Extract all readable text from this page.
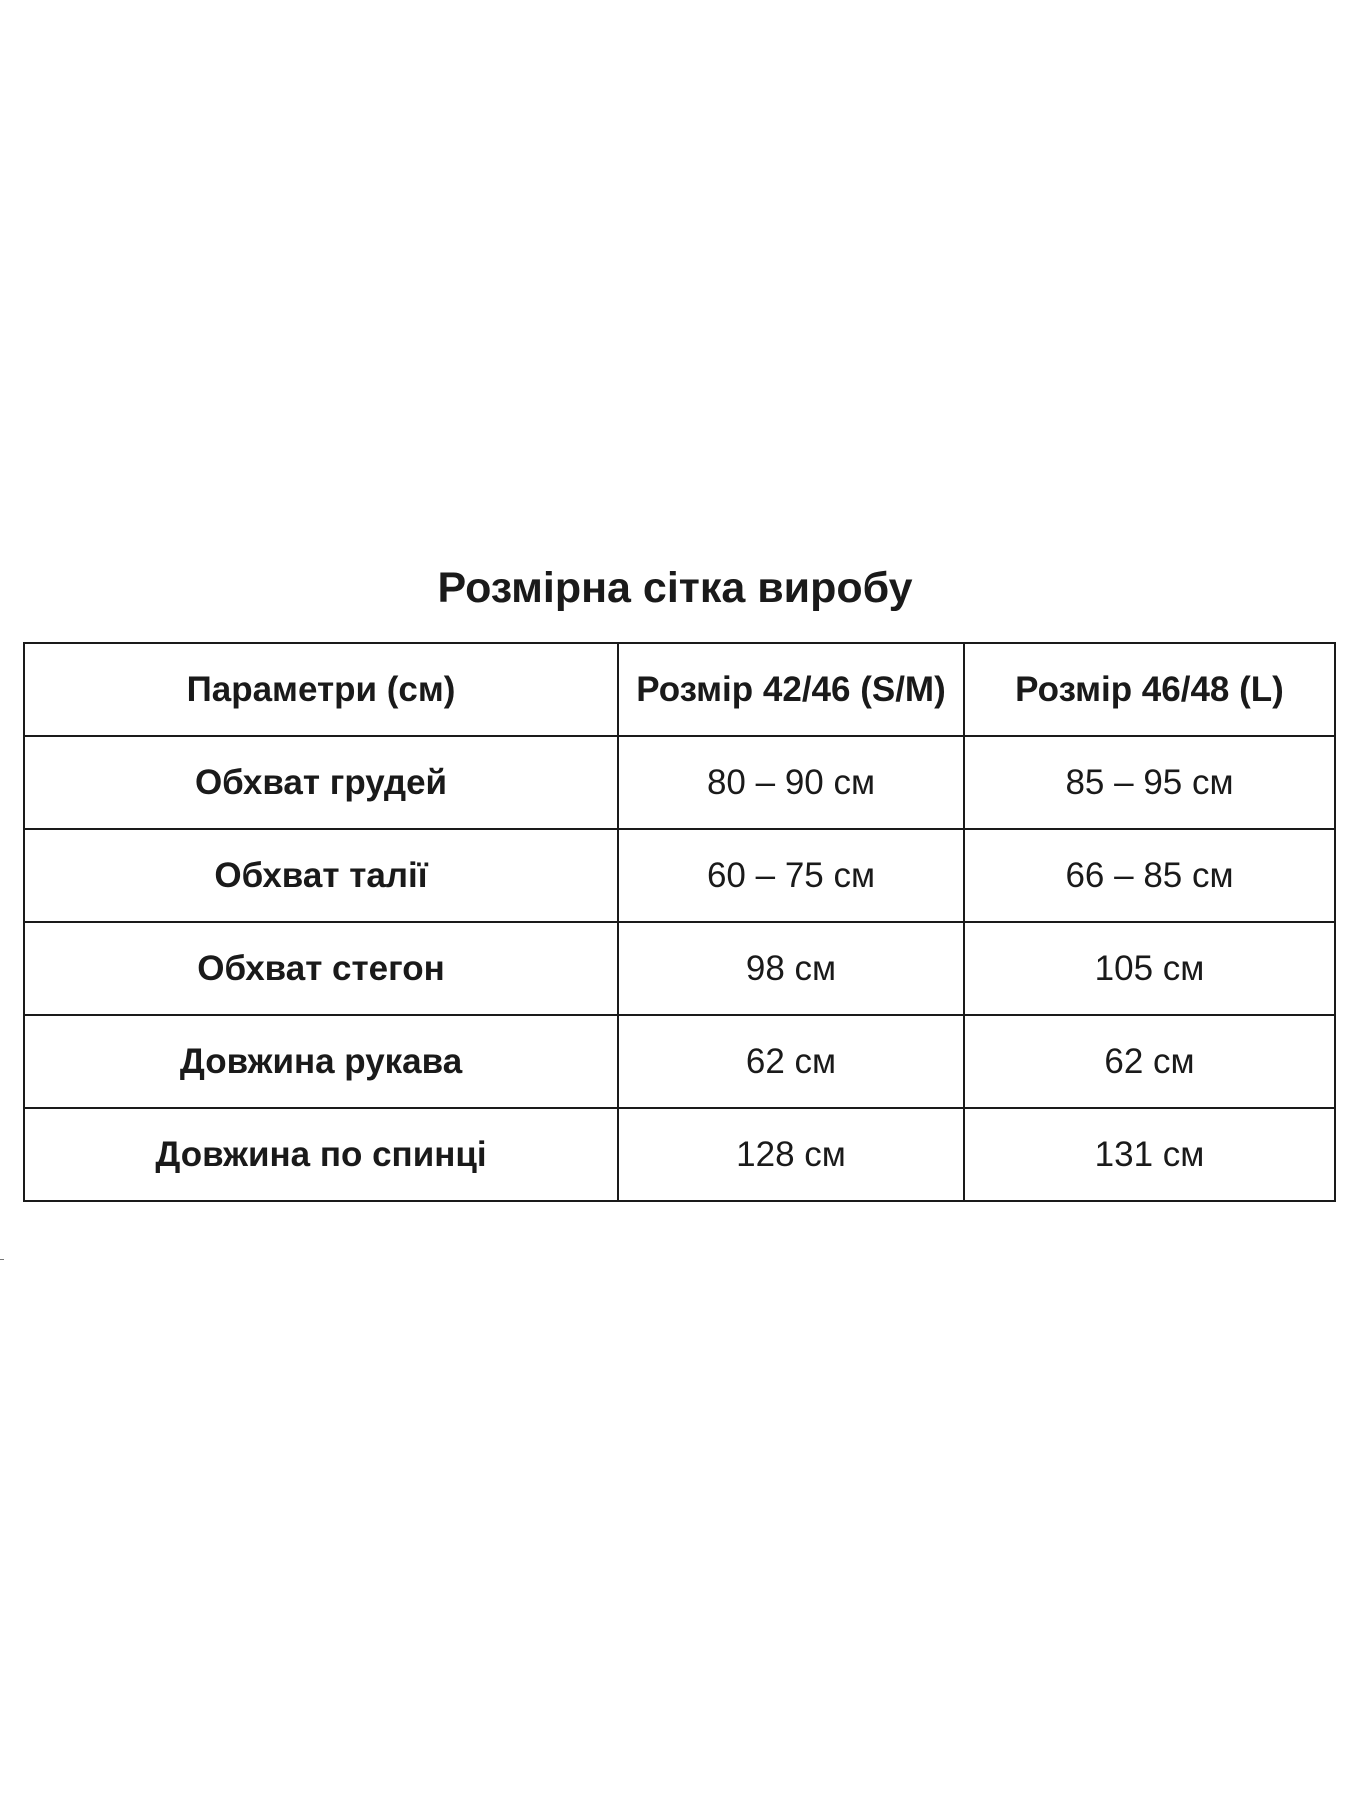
Розмірна сітка виробу
Параметри (см)	Розмір 42/46 (S/M)	Розмір 46/48 (L)
Обхват грудей	80 – 90 см	85 – 95 см
Обхват талії	60 – 75 см	66 – 85 см
Обхват стегон	98 см	105 см
Довжина рукава	62 см	62 см
Довжина по спинці	128 см	131 см
